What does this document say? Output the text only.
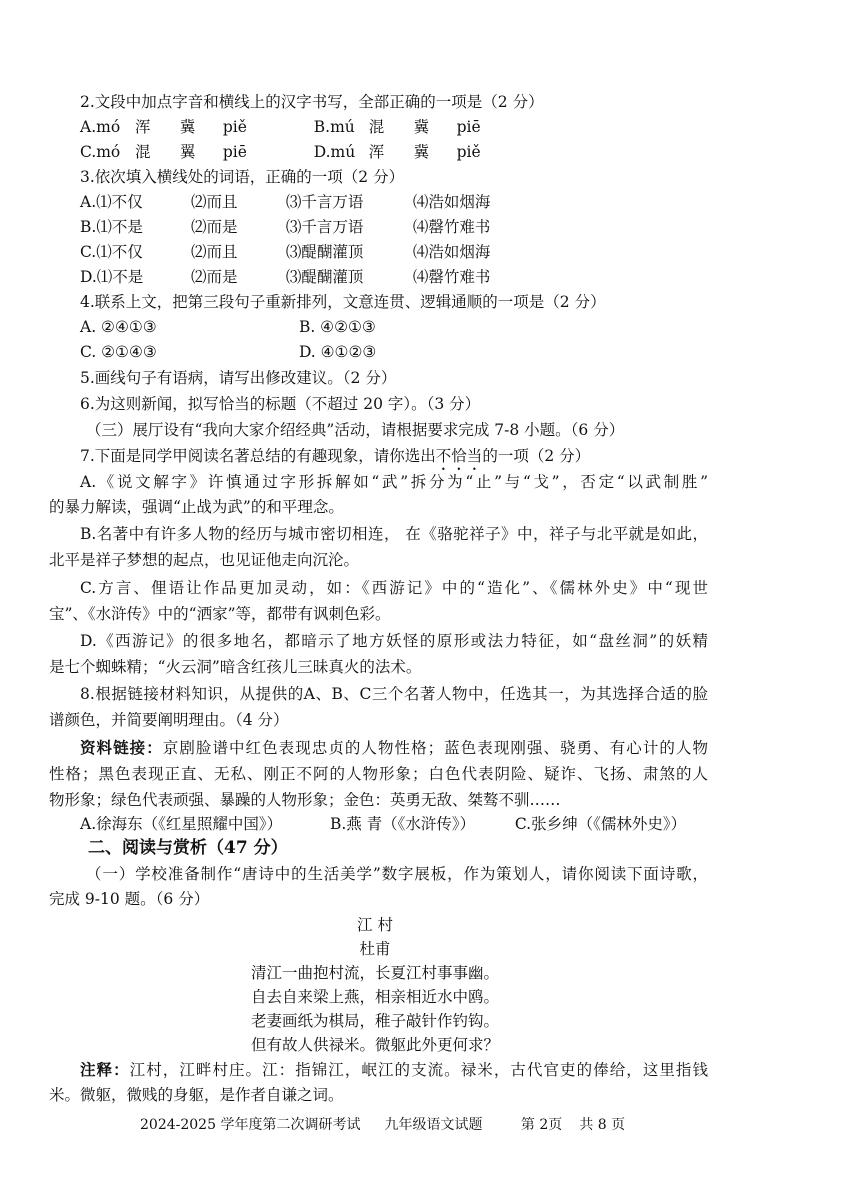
2.文段中加点字音和横线上的汉字书写，全部正确的一项是（2 分）
A.mó 浑 冀 piě	B.mú 混 冀 piē
C.mó 混 翼 piē	D.mú 浑 冀 piě
3.依次填入横线处的词语，正确的一项（2 分）
A.⑴不仅	⑵而且	⑶千言万语	⑷浩如烟海
B.⑴不是	⑵而是	⑶千言万语	⑷罄竹难书
C.⑴不仅	⑵而且	⑶醍醐灌顶	⑷浩如烟海
D.⑴不是	⑵而是	⑶醍醐灌顶	⑷罄竹难书
4.联系上文，把第三段句子重新排列，文意连贯、逻辑通顺的一项是（2 分）
A. ②④①③	B. ④②①③
C. ②①④③	D. ④①②③
5.画线句子有语病，请写出修改建议。（2 分）
6.为这则新闻，拟写恰当的标题（不超过 20 字）。（3 分）
（三）展厅设有“我向大家介绍经典”活动，请根据要求完成 7-8 小题。（6 分）
7.下面是同学甲阅读名著总结的有趣现象，请你选出不恰当的一项（2 分）
A.《说文解字》许慎通过字形拆解如“武”拆分为“止”与“戈”，否定“以武制胜”
的暴力解读，强调“止战为武”的和平理念。
B.名著中有许多人物的经历与城市密切相连， 在《骆驼祥子》中，祥子与北平就是如此，
北平是祥子梦想的起点，也见证他走向沉沦。
C.方言、俚语让作品更加灵动，如：《西游记》中的“造化”、《儒林外史》中“现世
宝”、《水浒传》中的“洒家”等，都带有讽刺色彩。
D.《西游记》的很多地名，都暗示了地方妖怪的原形或法力特征，如“盘丝洞”的妖精
是七个蜘蛛精；“火云洞”暗含红孩儿三昧真火的法术。
8.根据链接材料知识，从提供的A、B、C三个名著人物中，任选其一，为其选择合适的脸
谱颜色，并简要阐明理由。（4 分）
资料链接：京剧脸谱中红色表现忠贞的人物性格；蓝色表现刚强、骁勇、有心计的人物
性格；黑色表现正直、无私、刚正不阿的人物形象；白色代表阴险、疑诈、飞扬、肃煞的人
物形象；绿色代表顽强、暴躁的人物形象；金色：英勇无敌、桀骜不驯……
A.徐海东（《红星照耀中国》）	B.燕 青（《水浒传》）	C.张乡绅（《儒林外史》）
二、阅读与赏析（47 分）
（一）学校准备制作“唐诗中的生活美学”数字展板，作为策划人，请你阅读下面诗歌，
完成 9-10 题。（6 分）
江 村
杜甫
清江一曲抱村流，长夏江村事事幽。
自去自来梁上燕，相亲相近水中鸥。
老妻画纸为棋局，稚子敲针作钓钩。
但有故人供禄米。微躯此外更何求？
注释：江村，江畔村庄。江：指锦江，岷江的支流。禄米，古代官吏的俸给，这里指钱
米。微躯，微贱的身躯，是作者自谦之词。
2024-2025 学年度第二次调研考试 九年级语文试题	第 2页 共 8 页
